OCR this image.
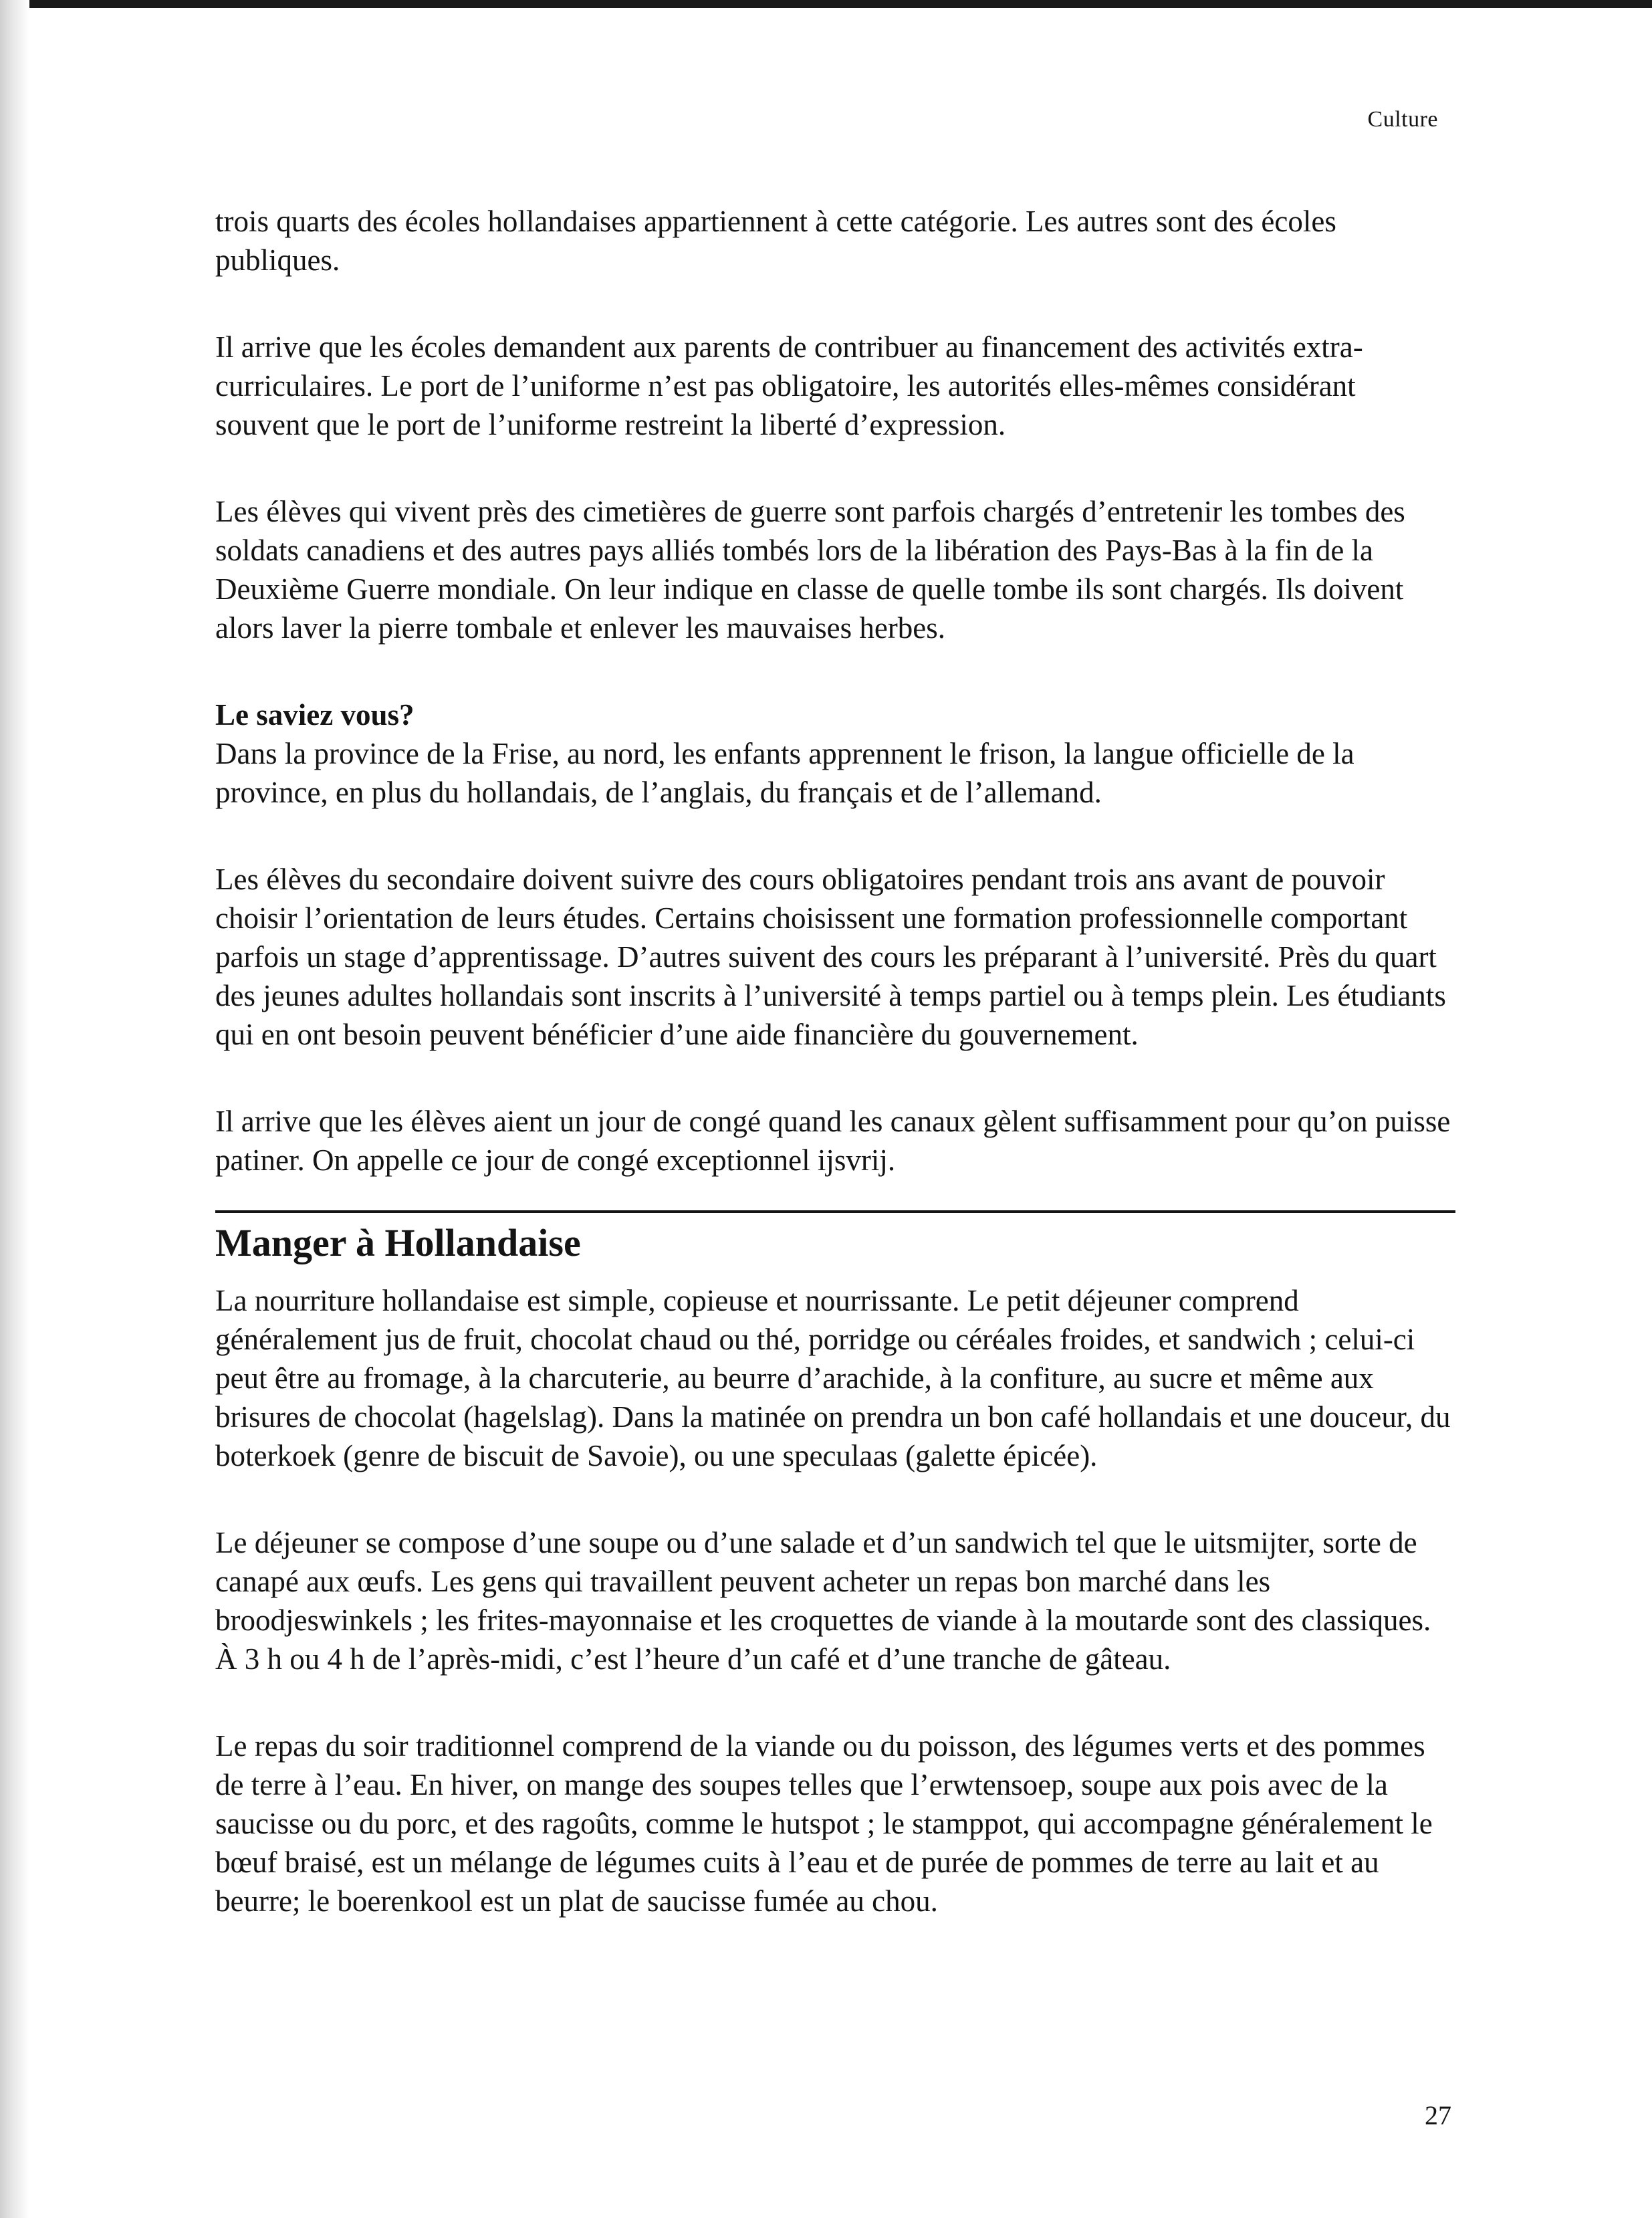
Culture

trois quarts des écoles hollandaises appartiennent à cette catégorie. Les autres sont des écoles publiques.

Il arrive que les écoles demandent aux parents de contribuer au financement des activités extra-curriculaires. Le port de l’uniforme n’est pas obligatoire, les autorités elles-mêmes considérant souvent que le port de l’uniforme restreint la liberté d’expression.

Les élèves qui vivent près des cimetières de guerre sont parfois chargés d’entretenir les tombes des soldats canadiens et des autres pays alliés tombés lors de la libération des Pays-Bas à la fin de la Deuxième Guerre mondiale. On leur indique en classe de quelle tombe ils sont chargés. Ils doivent alors laver la pierre tombale et enlever les mauvaises herbes.

Le saviez vous?

Dans la province de la Frise, au nord, les enfants apprennent le frison, la langue officielle de la province, en plus du hollandais, de l’anglais, du français et de l’allemand.

Les élèves du secondaire doivent suivre des cours obligatoires pendant trois ans avant de pouvoir choisir l’orientation de leurs études. Certains choisissent une formation professionnelle comportant parfois un stage d’apprentissage. D’autres suivent des cours les préparant à l’université. Près du quart des jeunes adultes hollandais sont inscrits à l’université à temps partiel ou à temps plein. Les étudiants qui en ont besoin peuvent bénéficier d’une aide financière du gouvernement.

Il arrive que les élèves aient un jour de congé quand les canaux gèlent suffisamment pour qu’on puisse patiner. On appelle ce jour de congé exceptionnel ijsvrij.

Manger à Hollandaise

La nourriture hollandaise est simple, copieuse et nourrissante. Le petit déjeuner comprend généralement jus de fruit, chocolat chaud ou thé, porridge ou céréales froides, et sandwich ; celui-ci peut être au fromage, à la charcuterie, au beurre d’arachide, à la confiture, au sucre et même aux brisures de chocolat (hagelslag). Dans la matinée on prendra un bon café hollandais et une douceur, du boterkoek (genre de biscuit de Savoie), ou une speculaas (galette épicée).

Le déjeuner se compose d’une soupe ou d’une salade et d’un sandwich tel que le uitsmijter, sorte de canapé aux œufs. Les gens qui travaillent peuvent acheter un repas bon marché dans les broodjeswinkels ; les frites-mayonnaise et les croquettes de viande à la moutarde sont des classiques. À 3 h ou 4 h de l’après-midi, c’est l’heure d’un café et d’une tranche de gâteau.

Le repas du soir traditionnel comprend de la viande ou du poisson, des légumes verts et des pommes de terre à l’eau. En hiver, on mange des soupes telles que l’erwtensoep, soupe aux pois avec de la saucisse ou du porc, et des ragoûts, comme le hutspot ; le stamppot, qui accompagne généralement le bœuf braisé, est un mélange de légumes cuits à l’eau et de purée de pommes de terre au lait et au beurre; le boerenkool est un plat de saucisse fumée au chou.

27
